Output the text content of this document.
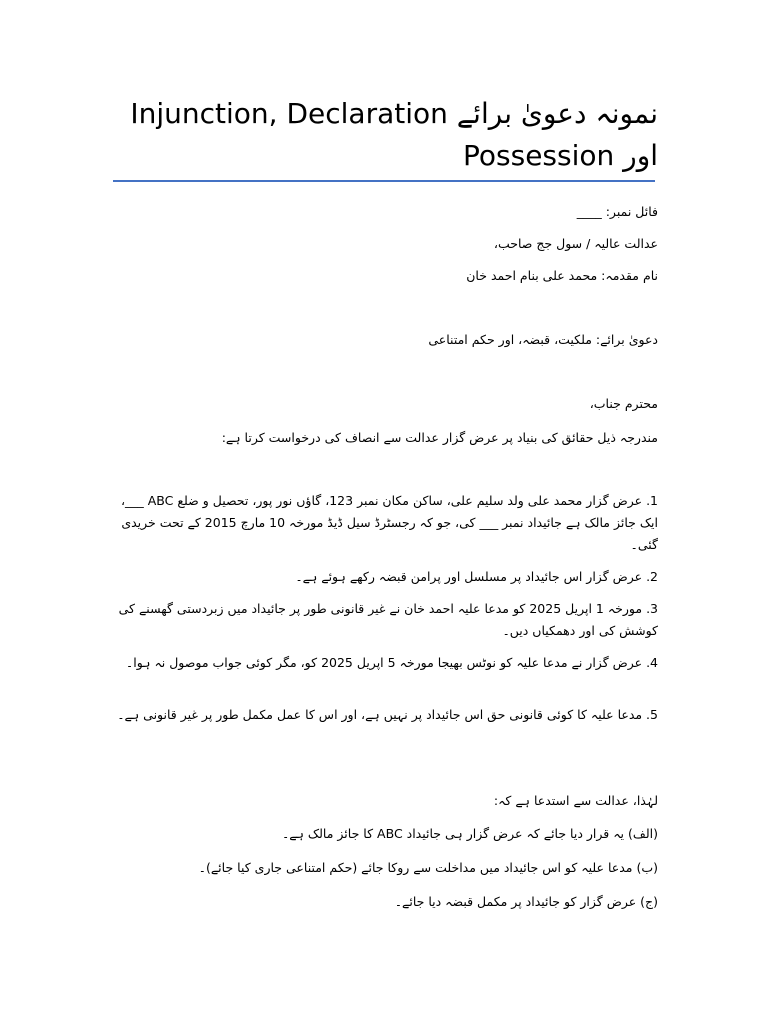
نمونہ دعویٰ برائے Injunction, Declaration اور Possession
فائل نمبر: ____
عدالت عالیہ / سول جج صاحب،
نام مقدمہ: محمد علی بنام احمد خان
دعویٰ برائے: ملکیت، قبضہ، اور حکم امتناعی
محترم جناب،
مندرجہ ذیل حقائق کی بنیاد پر عرض گزار عدالت سے انصاف کی درخواست کرتا ہے:
1. عرض گزار محمد علی ولد سلیم علی، ساکن مکان نمبر 123، گاؤں نور پور، تحصیل و ضلع ABC ___، ایک جائز مالک ہے جائیداد نمبر ___ کی، جو کہ رجسٹرڈ سیل ڈیڈ مورخہ 10 مارچ 2015 کے تحت خریدی گئی۔
2. عرض گزار اس جائیداد پر مسلسل اور پرامن قبضہ رکھے ہوئے ہے۔
3. مورخہ 1 اپریل 2025 کو مدعا علیہ احمد خان نے غیر قانونی طور پر جائیداد میں زبردستی گھسنے کی کوشش کی اور دھمکیاں دیں۔
4. عرض گزار نے مدعا علیہ کو نوٹس بھیجا مورخہ 5 اپریل 2025 کو، مگر کوئی جواب موصول نہ ہوا۔
5. مدعا علیہ کا کوئی قانونی حق اس جائیداد پر نہیں ہے، اور اس کا عمل مکمل طور پر غیر قانونی ہے۔
لہٰذا، عدالت سے استدعا ہے کہ:
(الف) یہ قرار دیا جائے کہ عرض گزار ہی جائیداد ABC کا جائز مالک ہے۔
(ب) مدعا علیہ کو اس جائیداد میں مداخلت سے روکا جائے (حکم امتناعی جاری کیا جائے)۔
(ج) عرض گزار کو جائیداد پر مکمل قبضہ دیا جائے۔
